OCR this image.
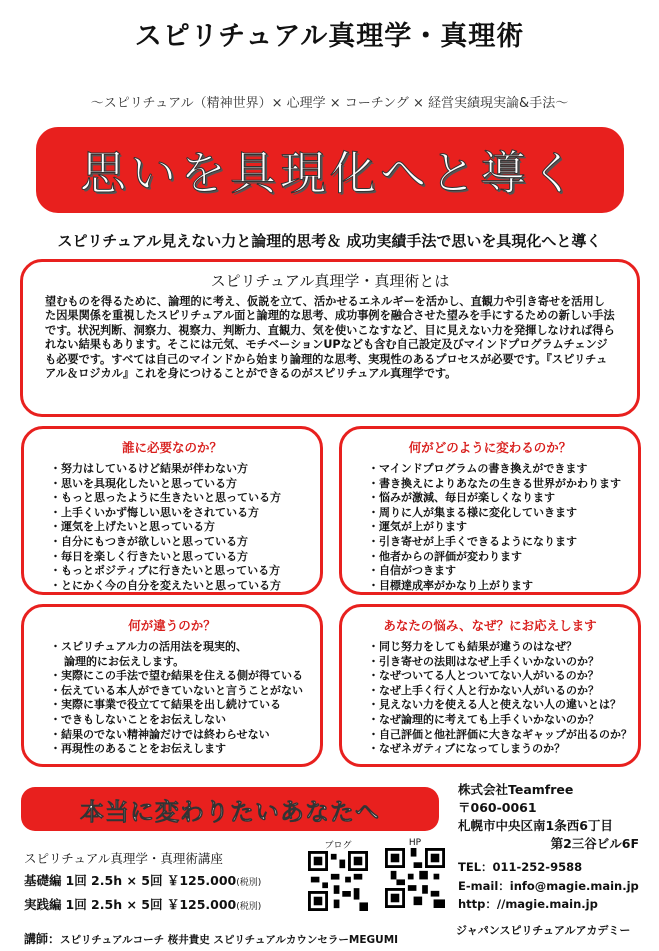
スピリチュアル真理学・真理術
～スピリチュアル（精神世界）× 心理学 × コーチング × 経営実績現実論&手法～
思いを具現化へと導く
スピリチュアル見えない力と論理的思考＆ 成功実績手法で思いを具現化へと導く
スピリチュアル真理学・真理術とは

望むものを得るために、論理的に考え、仮説を立て、活かせるエネルギーを活かし、直観力や引き寄せを活用した因果関係を重視したスピリチュアル面と論理的な思考、成功事例を融合させた望みを手にするための新しい手法です。状況判断、洞察力、視察力、判断力、直観力、気を使いこなすなど、目に見えない力を発揮しなければ得られない結果もあります。そこには元気、モチベーションUPなども含む自己設定及びマインドプログラムチェンジも必要です。すべては自己のマインドから始まり論理的な思考、実現性のあるプロセスが必要です。『スピリチュアル＆ロジカル』これを身につけることができるのがスピリチュアル真理学です。

誰に必要なのか？
・努力はしているけど結果が伴わない方
・思いを具現化したいと思っている方
・もっと思ったように生きたいと思っている方
・上手くいかず悔しい思いをされている方
・運気を上げたいと思っている方
・自分にもつきが欲しいと思っている方
・毎日を楽しく行きたいと思っている方
・もっとポジティブに行きたいと思っている方
・とにかく今の自分を変えたいと思っている方
何がどのように変わるのか？
・マインドプログラムの書き換えができます
・書き換えによりあなたの生きる世界がかわります
・悩みが激減、毎日が楽しくなります
・周りに人が集まる様に変化していきます
・運気が上がります
・引き寄せが上手くできるようになります
・他者からの評価が変わります
・自信がつきます
・目標達成率がかなり上がります
何が違うのか？
・スピリチュアル力の活用法を現実的、
論理的にお伝えします。
・実際にこの手法で望む結果を住える側が得ている
・伝えている本人ができていないと言うことがない
・実際に事業で役立てて結果を出し続けている
・できもしないことをお伝えしない
・結果のでない精神論だけでは終わらせない
・再現性のあることをお伝えします
あなたの悩み、なぜ？にお応えします
・同じ努力をしても結果が違うのはなぜ？
・引き寄せの法則はなぜ上手くいかないのか？
・なぜついてる人とついてない人がいるのか？
・なぜ上手く行く人と行かない人がいるのか？
・見えない力を使える人と使えない人の違いとは？
・なぜ論理的に考えても上手くいかないのか？
・自己評価と他社評価に大きなギャップが出るのか？
・なぜネガティブになってしまうのか？
本当に変わりたいあなたへ
株式会社Teamfree
〒060-0061
札幌市中央区南1条西6丁目
第2三谷ビル6F
スピリチュアル真理学・真理術講座
基礎編 1回 2.5h × 5回 ￥125.000(税別)
実践編 1回 2.5h × 5回 ￥125.000(税別)
ブログ	HP
TEL：011-252-9588
E-mail：info@magie.main.jp
http：//magie.main.jp
講師：スピリチュアルコーチ 桜井貴史 スピリチュアルカウンセラーMEGUMI
ジャパンスピリチュアルアカデミー
